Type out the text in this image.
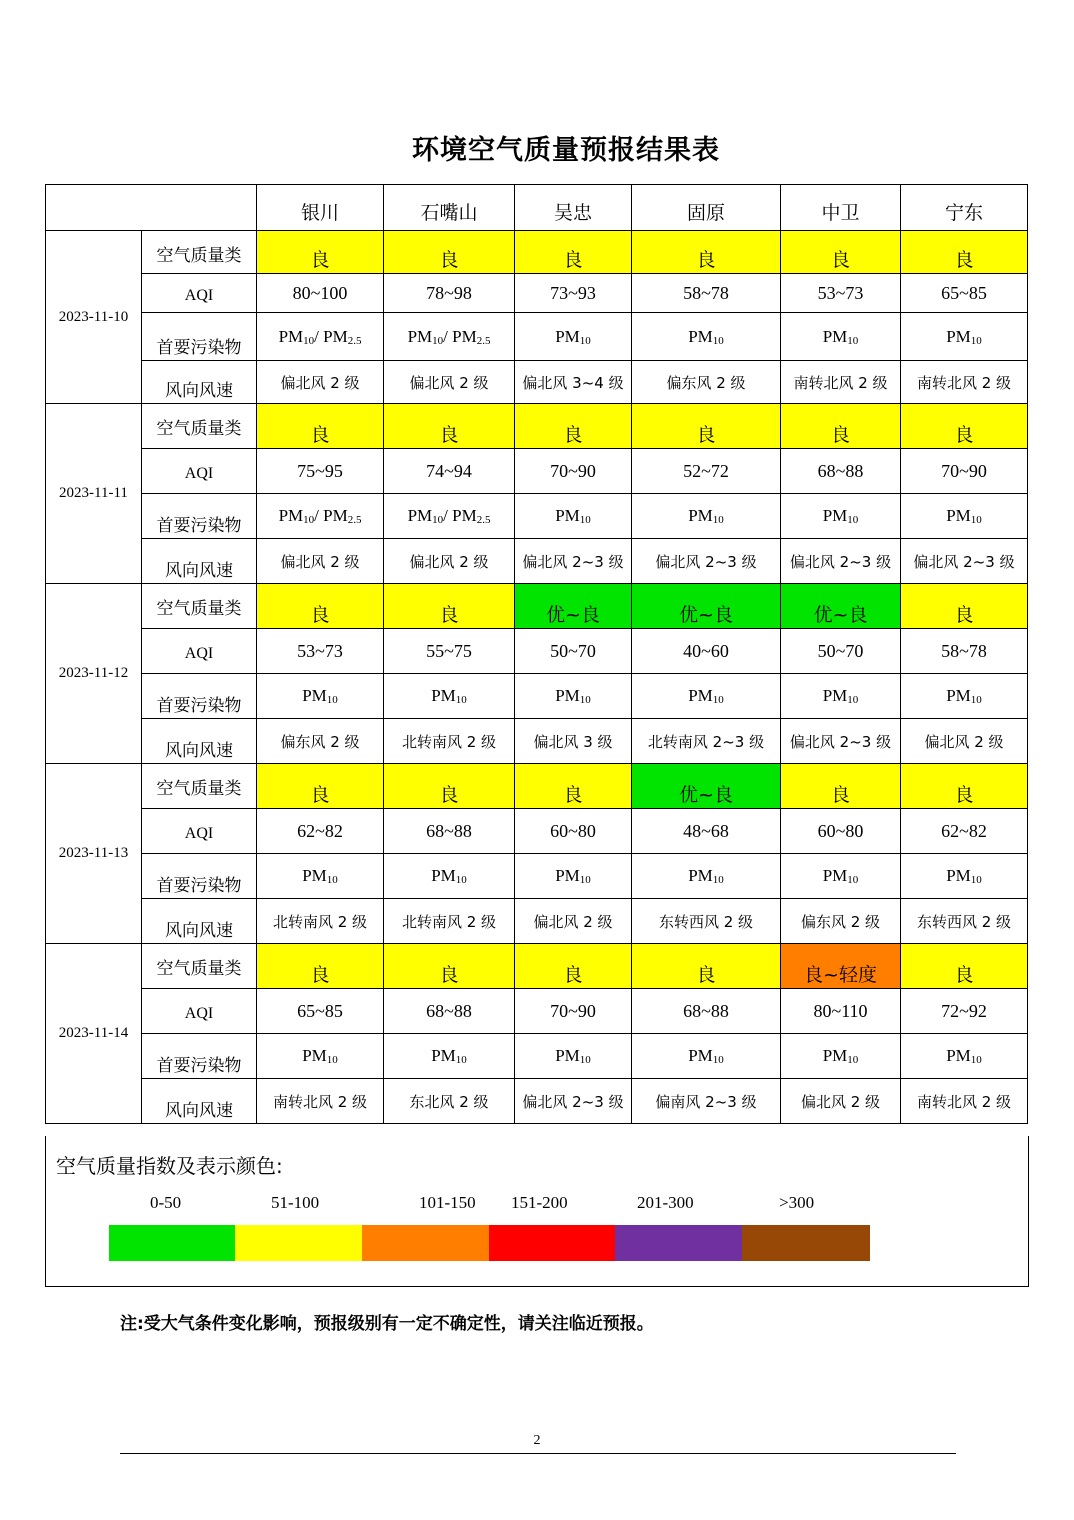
环境空气质量预报结果表
		银川	石嘴山	吴忠	固原	中卫	宁东
2023-11-10	空气质量类	良	良	良	良	良	良
	AQI	80~100	78~98	73~93	58~78	53~73	65~85
	首要污染物	$PM_{10}/$ $PM_{2.5}$	$PM_{10}/$ $PM_{2.5}$	$PM_{10}$	$PM_{10}$	$PM_{10}$	$PM_{10}$
	风向风速	偏北风 2 级	偏北风 2 级	偏北风 3~4 级	偏东风 2 级	南转北风 2 级	南转北风 2 级
2023-11-11	空气质量类	良	良	良	良	良	良
	AQI	75~95	74~94	70~90	52~72	68~88	70~90
	首要污染物	$PM_{10}/$ $PM_{2.5}$	$PM_{10}/$ $PM_{2.5}$	$PM_{10}$	$PM_{10}$	$PM_{10}$	$PM_{10}$
	风向风速	偏北风 2 级	偏北风 2 级	偏北风 2~3 级	偏北风 2~3 级	偏北风 2~3 级	偏北风 2~3 级
2023-11-12	空气质量类	良	良	优~良	优~良	优~良	良
	AQI	53~73	55~75	50~70	40~60	50~70	58~78
	首要污染物	$PM_{10}$	$PM_{10}$	$PM_{10}$	$PM_{10}$	$PM_{10}$	$PM_{10}$
	风向风速	偏东风 2 级	北转南风 2 级	偏北风 3 级	北转南风 2~3 级	偏北风 2~3 级	偏北风 2 级
2023-11-13	空气质量类	良	良	良	优~良	良	良
	AQI	62~82	68~88	60~80	48~68	60~80	62~82
	首要污染物	$PM_{10}$	$PM_{10}$	$PM_{10}$	$PM_{10}$	$PM_{10}$	$PM_{10}$
	风向风速	北转南风 2 级	北转南风 2 级	偏北风 2 级	东转西风 2 级	偏东风 2 级	东转西风 2 级
2023-11-14	空气质量类	良	良	良	良	良~轻度	良
	AQI	65~85	68~88	70~90	68~88	80~110	72~92
	首要污染物	$PM_{10}$	$PM_{10}$	$PM_{10}$	$PM_{10}$	$PM_{10}$	$PM_{10}$
	风向风速	南转北风 2 级	东北风 2 级	偏北风 2~3 级	偏南风 2~3 级	偏北风 2 级	南转北风 2 级
空气质量指数及表示颜色:
0-50	51-100	101-150 151-200	201-300	>300
注:受大气条件变化影响，预报级别有一定不确定性，请关注临近预报。
2
